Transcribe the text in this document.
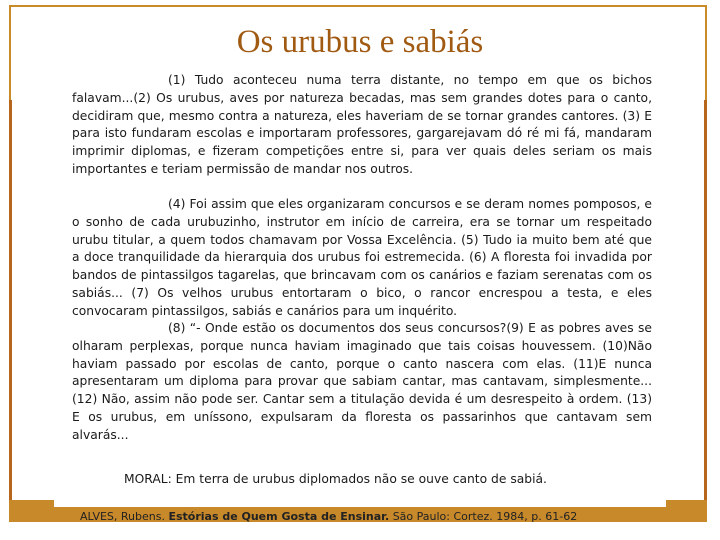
Os urubus e sabiás

(1) Tudo aconteceu numa terra distante, no tempo em que os bichos falavam...(2) Os urubus, aves por natureza becadas, mas sem grandes dotes para o canto, decidiram que, mesmo contra a natureza, eles haveriam de se tornar grandes cantores. (3) E para isto fundaram escolas e importaram professores, gargarejavam dó ré mi fá, mandaram imprimir diplomas, e fizeram competições entre si, para ver quais deles seriam os mais importantes e teriam permissão de mandar nos outros.

(4) Foi assim que eles organizaram concursos e se deram nomes pomposos, e o sonho de cada urubuzinho, instrutor em início de carreira, era se tornar um respeitado urubu titular, a quem todos chamavam por Vossa Excelência. (5) Tudo ia muito bem até que a doce tranquilidade da hierarquia dos urubus foi estremecida. (6) A floresta foi invadida por bandos de pintassilgos tagarelas, que brincavam com os canários e faziam serenatas com os sabiás... (7) Os velhos urubus entortaram o bico, o rancor encrespou a testa, e eles convocaram pintassilgos, sabiás e canários para um inquérito.

(8) “- Onde estão os documentos dos seus concursos?(9) E as pobres aves se olharam perplexas, porque nunca haviam imaginado que tais coisas houvessem. (10)Não haviam passado por escolas de canto, porque o canto nascera com elas. (11)E nunca apresentaram um diploma para provar que sabiam cantar, mas cantavam, simplesmente...(12) Não, assim não pode ser. Cantar sem a titulação devida é um desrespeito à ordem. (13) E os urubus, em uníssono, expulsaram da floresta os passarinhos que cantavam sem alvarás...

MORAL: Em terra de urubus diplomados não se ouve canto de sabiá.
ALVES, Rubens. Estórias de Quem Gosta de Ensinar. São Paulo: Cortez. 1984, p. 61-62
